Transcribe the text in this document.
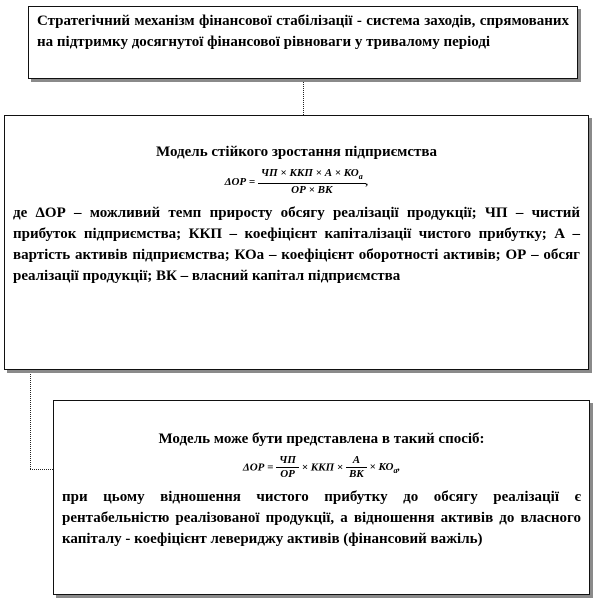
Стратегічний механізм фінансової стабілізації - система заходів, спрямованих на підтримку досягнутої фінансової рівноваги у тривалому періоді
Модель стійкого зростання підприємства
$\Delta ОР = \frac{ЧП \times ККП \times А \times КО_а}{ОР \times ВК}$ ,
де ΔОР – можливий темп приросту обсягу реалізації продукції; ЧП – чистий прибуток підприємства; ККП – коефіцієнт капіталізації чистого прибутку; А – вартість активів підприємства; КОа – коефіцієнт оборотності активів; ОР – обсяг реалізації продукції; ВК – власний капітал підприємства
Модель може бути представлена в такий спосіб:
$\Delta ОР = \frac{ЧП}{ОР}$ × ККП × $\frac{А}{ВК} \times КО_а$,
при цьому відношення чистого прибутку до обсягу реалізації є рентабельністю реалізованої продукції, а відношення активів до власного капіталу - коефіцієнт левериджу активів (фінансовий важіль)
